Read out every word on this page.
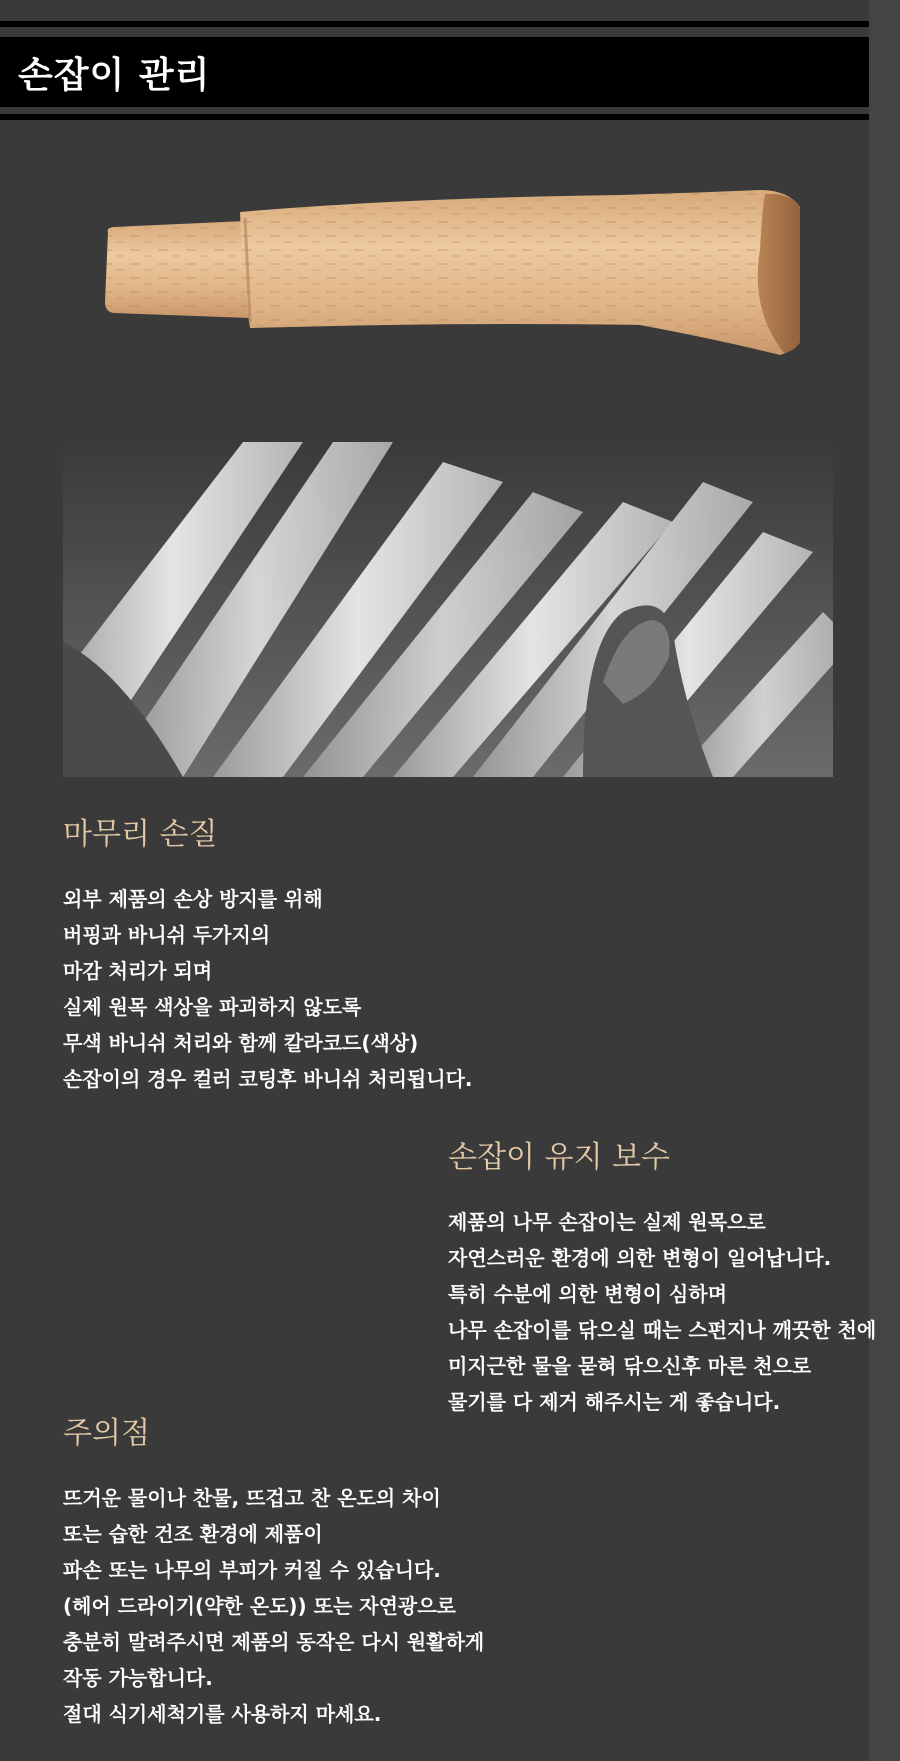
손잡이 관리
마무리 손질

외부 제품의 손상 방지를 위해

버핑과 바니쉬 두가지의

마감 처리가 되며

실제 원목 색상을 파괴하지 않도록

무색 바니쉬 처리와 함께 칼라코드(색상)

손잡이의 경우 컬러 코팅후 바니쉬 처리됩니다.

손잡이 유지 보수

제품의 나무 손잡이는 실제 원목으로

자연스러운 환경에 의한 변형이 일어납니다.

특히 수분에 의한 변형이 심하며

나무 손잡이를 닦으실 때는 스펀지나 깨끗한 천에

미지근한 물을 묻혀 닦으신후 마른 천으로

물기를 다 제거 해주시는 게 좋습니다.

주의점

뜨거운 물이나 찬물, 뜨겁고 찬 온도의 차이

또는 습한 건조 환경에 제품이

파손 또는 나무의 부피가 커질 수 있습니다.

(헤어 드라이기(약한 온도)) 또는 자연광으로

충분히 말려주시면 제품의 동작은 다시 원활하게

작동 가능합니다.

절대 식기세척기를 사용하지 마세요.
